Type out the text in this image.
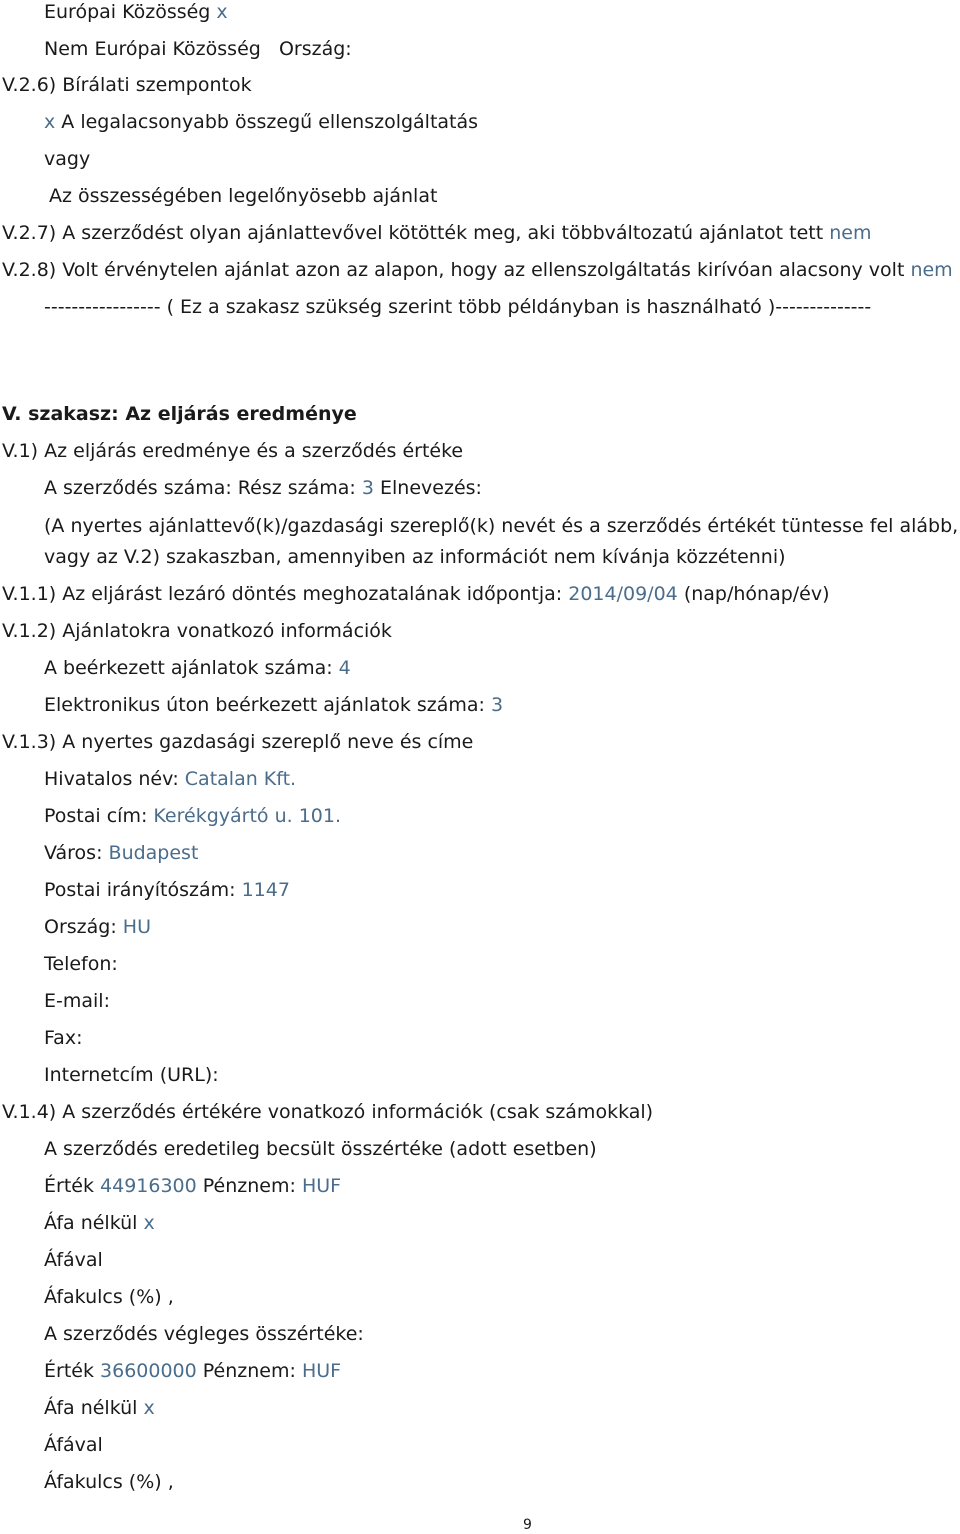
Európai Közösség x
Nem Európai Közösség Ország:
V.2.6) Bírálati szempontok
x A legalacsonyabb összegű ellenszolgáltatás
vagy
Az összességében legelőnyösebb ajánlat
V.2.7) A szerződést olyan ajánlattevővel kötötték meg, aki többváltozatú ajánlatot tett nem
V.2.8) Volt érvénytelen ajánlat azon az alapon, hogy az ellenszolgáltatás kirívóan alacsony volt nem
----------------- ( Ez a szakasz szükség szerint több példányban is használható )--------------
V. szakasz: Az eljárás eredménye
V.1) Az eljárás eredménye és a szerződés értéke
A szerződés száma: Rész száma: 3 Elnevezés:
(A nyertes ajánlattevő(k)/gazdasági szereplő(k) nevét és a szerződés értékét tüntesse fel alább,
vagy az V.2) szakaszban, amennyiben az információt nem kívánja közzétenni)
V.1.1) Az eljárást lezáró döntés meghozatalának időpontja: 2014/09/04 (nap/hónap/év)
V.1.2) Ajánlatokra vonatkozó információk
A beérkezett ajánlatok száma: 4
Elektronikus úton beérkezett ajánlatok száma: 3
V.1.3) A nyertes gazdasági szereplő neve és címe
Hivatalos név: Catalan Kft.
Postai cím: Kerékgyártó u. 101.
Város: Budapest
Postai irányítószám: 1147
Ország: HU
Telefon:
E-mail:
Fax:
Internetcím (URL):
V.1.4) A szerződés értékére vonatkozó információk (csak számokkal)
A szerződés eredetileg becsült összértéke (adott esetben)
Érték 44916300 Pénznem: HUF
Áfa nélkül x
Áfával
Áfakulcs (%) ,
A szerződés végleges összértéke:
Érték 36600000 Pénznem: HUF
Áfa nélkül x
Áfával
Áfakulcs (%) ,
9
